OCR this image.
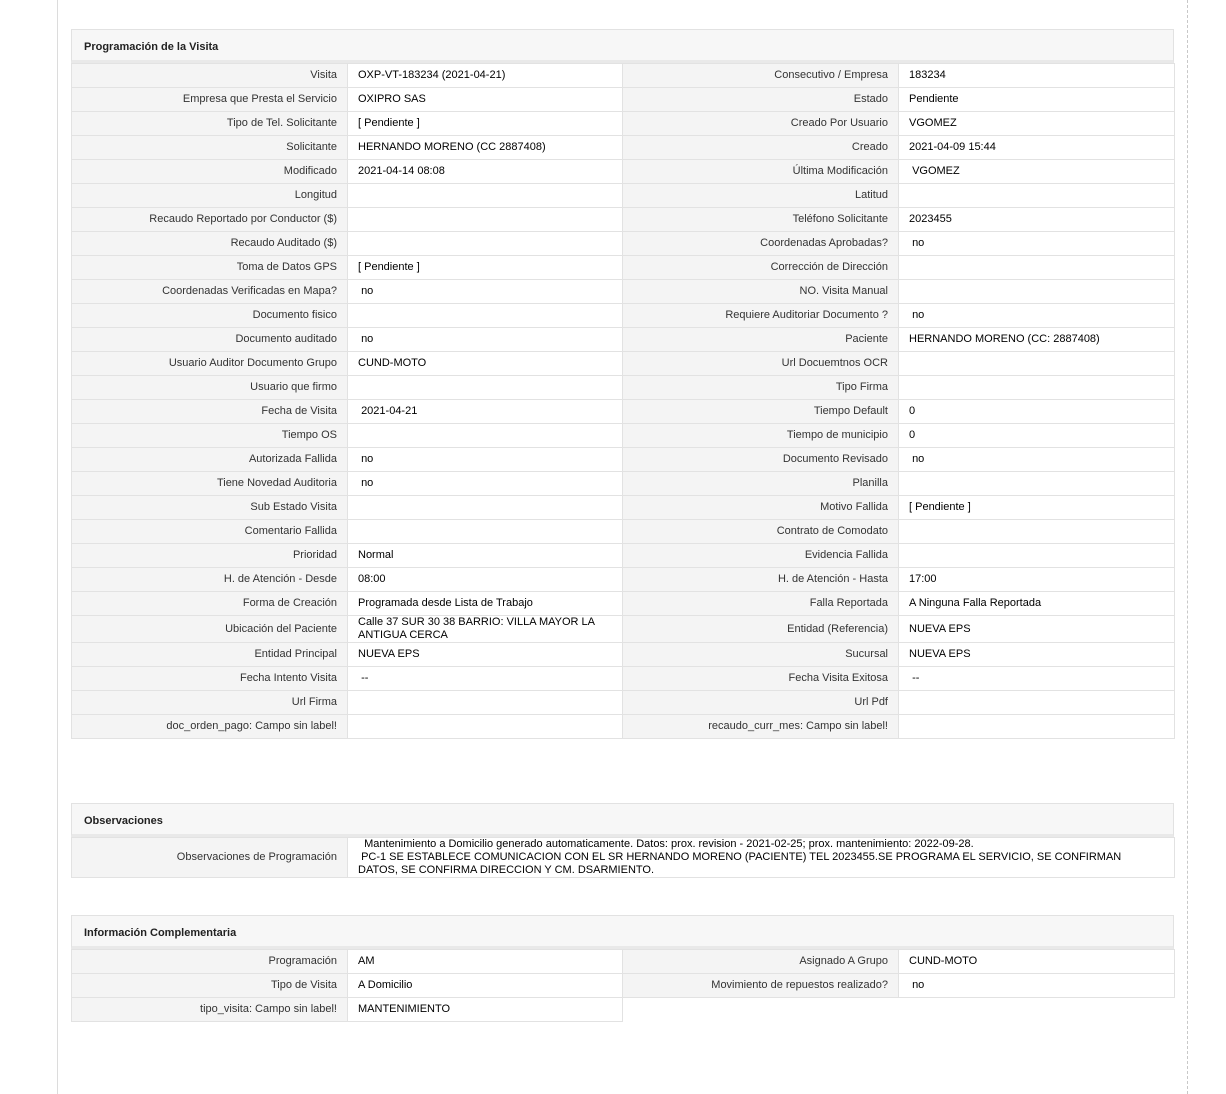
Programación de la Visita
Visita	OXP-VT-183234 (2021-04-21)	Consecutivo / Empresa	183234
Empresa que Presta el Servicio	OXIPRO SAS	Estado	Pendiente
Tipo de Tel. Solicitante	[ Pendiente ]	Creado Por Usuario	VGOMEZ
Solicitante	HERNANDO MORENO (CC 2887408)	Creado	2021-04-09 15:44
Modificado	2021-04-14 08:08	Última Modificación	VGOMEZ
Longitud		Latitud	
Recaudo Reportado por Conductor ($)		Teléfono Solicitante	2023455
Recaudo Auditado ($)		Coordenadas Aprobadas?	no
Toma de Datos GPS	[ Pendiente ]	Corrección de Dirección	
Coordenadas Verificadas en Mapa?	no	NO. Visita Manual	
Documento fisico		Requiere Auditoriar Documento ?	no
Documento auditado	no	Paciente	HERNANDO MORENO (CC: 2887408)
Usuario Auditor Documento Grupo	CUND-MOTO	Url Docuemtnos OCR	
Usuario que firmo		Tipo Firma	
Fecha de Visita	2021-04-21	Tiempo Default	0
Tiempo OS		Tiempo de municipio	0
Autorizada Fallida	no	Documento Revisado	no
Tiene Novedad Auditoria	no	Planilla	
Sub Estado Visita		Motivo Fallida	[ Pendiente ]
Comentario Fallida		Contrato de Comodato	
Prioridad	Normal	Evidencia Fallida	
H. de Atención - Desde	08:00	H. de Atención - Hasta	17:00
Forma de Creación	Programada desde Lista de Trabajo	Falla Reportada	A Ninguna Falla Reportada
Ubicación del Paciente	Calle 37 SUR 30 38 BARRIO: VILLA MAYOR LA ANTIGUA CERCA	Entidad (Referencia)	NUEVA EPS
Entidad Principal	NUEVA EPS	Sucursal	NUEVA EPS
Fecha Intento Visita	--	Fecha Visita Exitosa	--
Url Firma		Url Pdf	
doc_orden_pago: Campo sin label!		recaudo_curr_mes: Campo sin label!	
Observaciones
Observaciones de Programación	
Mantenimiento a Domicilio generado automaticamente. Datos: prox. revision - 2021-02-25; prox. mantenimiento: 2022-09-28.
PC-1 SE ESTABLECE COMUNICACION CON EL SR HERNANDO MORENO (PACIENTE) TEL 2023455.SE PROGRAMA EL SERVICIO, SE CONFIRMAN DATOS, SE CONFIRMA DIRECCION Y CM. DSARMIENTO.
Información Complementaria
Programación	AM	Asignado A Grupo	CUND-MOTO
Tipo de Visita	A Domicilio	Movimiento de repuestos realizado?	no
tipo_visita: Campo sin label!	MANTENIMIENTO		
